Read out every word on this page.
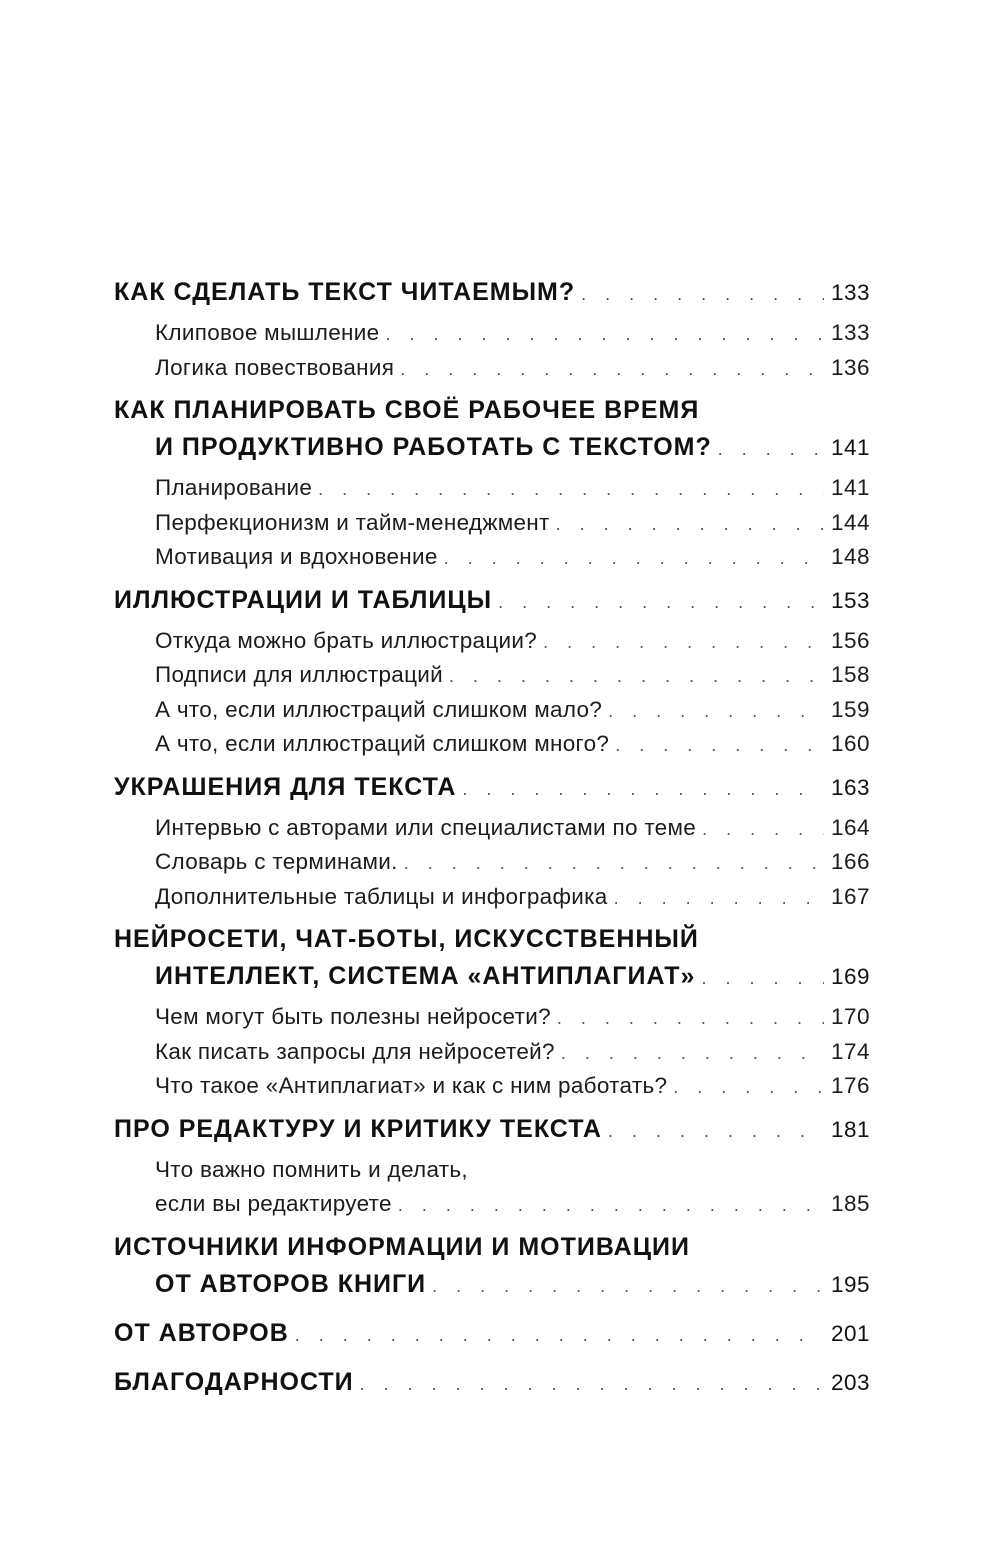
КАК СДЕЛАТЬ ТЕКСТ ЧИТАЕМЫМ? . . .	133
Клиповое мышление . . .	133
Логика повествования . . .	136
КАК ПЛАНИРОВАТЬ СВОЁ РАБОЧЕЕ ВРЕМЯ
И ПРОДУКТИВНО РАБОТАТЬ С ТЕКСТОМ? . . .	141
Планирование . . .	141
Перфекционизм и тайм-менеджмент . . .	144
Мотивация и вдохновение . . .	148
ИЛЛЮСТРАЦИИ И ТАБЛИЦЫ . . .	153
Откуда можно брать иллюстрации? . . .	156
Подписи для иллюстраций . . .	158
А что, если иллюстраций слишком мало? . . .	159
А что, если иллюстраций слишком много? . . .	160
УКРАШЕНИЯ ДЛЯ ТЕКСТА . . .	163
Интервью с авторами или специалистами по теме . . .	164
Словарь с терминами. . . .	166
Дополнительные таблицы и инфографика . . .	167
НЕЙРОСЕТИ, ЧАТ-БОТЫ, ИСКУССТВЕННЫЙ
ИНТЕЛЛЕКТ, СИСТЕМА «АНТИПЛАГИАТ» . . .	169
Чем могут быть полезны нейросети? . . .	170
Как писать запросы для нейросетей? . . .	174
Что такое «Антиплагиат» и как с ним работать? . . .	176
ПРО РЕДАКТУРУ И КРИТИКУ ТЕКСТА . . .	181
Что важно помнить и делать,
если вы редактируете . . .	185
ИСТОЧНИКИ ИНФОРМАЦИИ И МОТИВАЦИИ
ОТ АВТОРОВ КНИГИ . . .	195
ОТ АВТОРОВ . . .	201
БЛАГОДАРНОСТИ . . .	203
